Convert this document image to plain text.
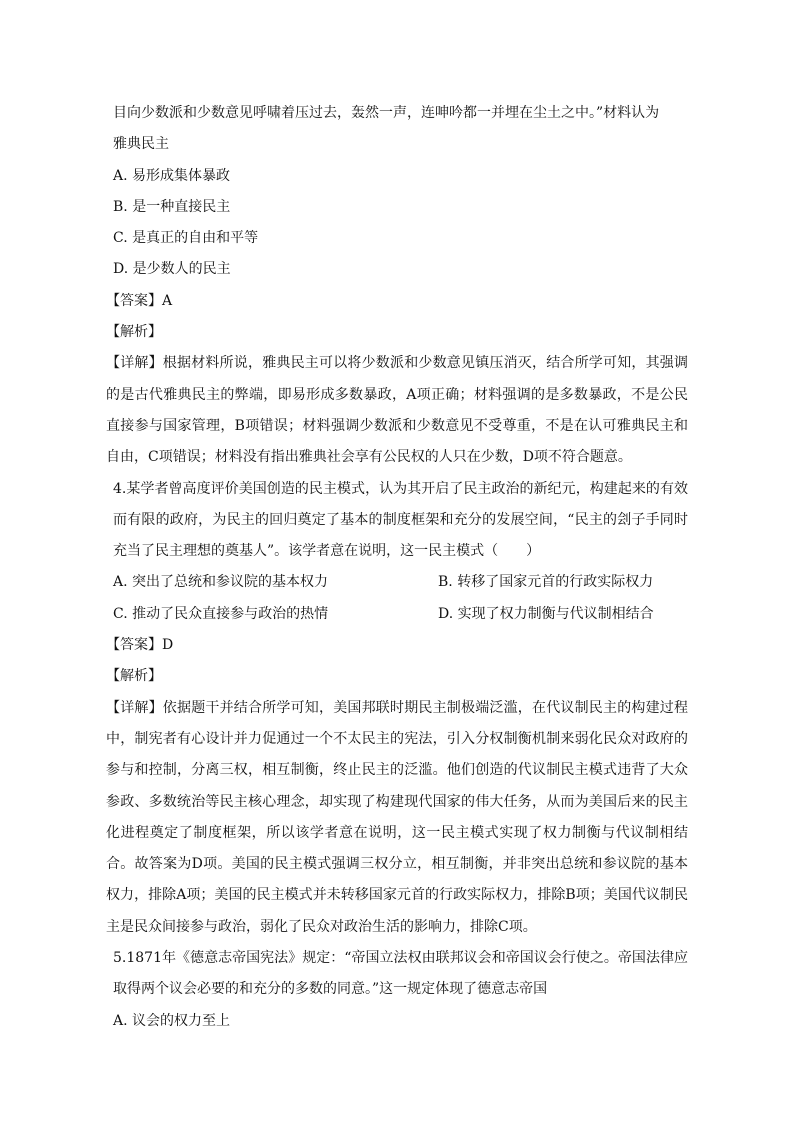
目向少数派和少数意见呼啸着压过去，轰然一声，连呻吟都一并埋在尘土之中。”材料认为
雅典民主
A. 易形成集体暴政
B. 是一种直接民主
C. 是真正的自由和平等
D. 是少数人的民主
【答案】A
【解析】
【详解】根据材料所说，雅典民主可以将少数派和少数意见镇压消灭，结合所学可知，其强调的是古代雅典民主的弊端，即易形成多数暴政，A项正确；材料强调的是多数暴政，不是公民直接参与国家管理，B项错误；材料强调少数派和少数意见不受尊重，不是在认可雅典民主和自由，C项错误；材料没有指出雅典社会享有公民权的人只在少数，D项不符合题意。
4.某学者曾高度评价美国创造的民主模式，认为其开启了民主政治的新纪元，构建起来的有效而有限的政府，为民主的回归奠定了基本的制度框架和充分的发展空间，“民主的刽子手同时充当了民主理想的奠基人”。该学者意在说明，这一民主模式（　　）
A. 突出了总统和参议院的基本权力	B. 转移了国家元首的行政实际权力
C. 推动了民众直接参与政治的热情	D. 实现了权力制衡与代议制相结合
【答案】D
【解析】
【详解】依据题干并结合所学可知，美国邦联时期民主制极端泛滥，在代议制民主的构建过程中，制宪者有心设计并力促通过一个不太民主的宪法，引入分权制衡机制来弱化民众对政府的参与和控制，分离三权，相互制衡，终止民主的泛滥。他们创造的代议制民主模式违背了大众参政、多数统治等民主核心理念，却实现了构建现代国家的伟大任务，从而为美国后来的民主化进程奠定了制度框架，所以该学者意在说明，这一民主模式实现了权力制衡与代议制相结合。故答案为D项。美国的民主模式强调三权分立，相互制衡，并非突出总统和参议院的基本权力，排除A项；美国的民主模式并未转移国家元首的行政实际权力，排除B项；美国代议制民主是民众间接参与政治，弱化了民众对政治生活的影响力，排除C项。
5.1871年《德意志帝国宪法》规定：“帝国立法权由联邦议会和帝国议会行使之。帝国法律应取得两个议会必要的和充分的多数的同意。”这一规定体现了德意志帝国
A. 议会的权力至上
